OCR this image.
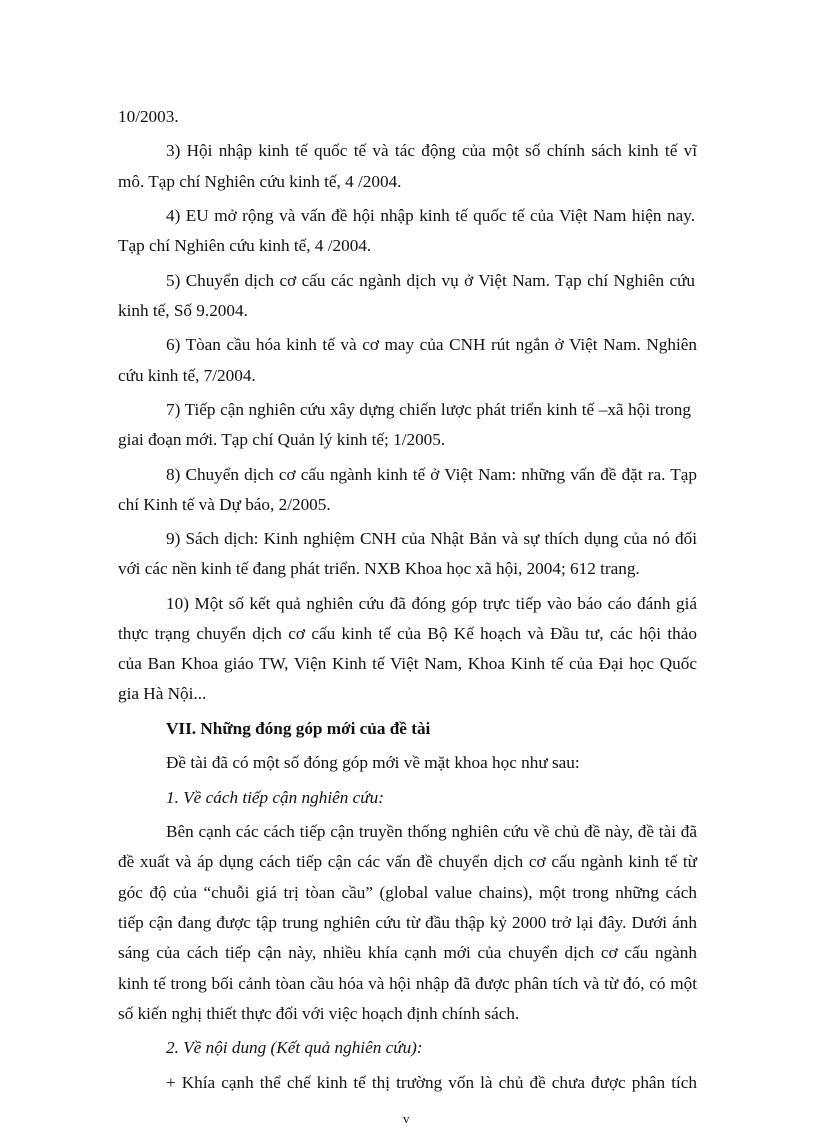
10/2003.
3) Hội nhập kinh tế quốc tế và tác động của một số chính sách kinh tế vĩ
mô. Tạp chí Nghiên cứu kinh tế, 4 /2004.
4) EU mở rộng và vấn đề hội nhập kinh tế quốc tế của Việt Nam hiện nay.
Tạp chí Nghiên cứu kinh tế, 4 /2004.
5) Chuyển dịch cơ cấu các ngành dịch vụ ở Việt Nam. Tạp chí Nghiên cứu
kinh tế, Số 9.2004.
6) Tòan cầu hóa kinh tế và cơ may của CNH rút ngắn ở Việt Nam. Nghiên
cứu kinh tế, 7/2004.
7) Tiếp cận nghiên cứu xây dựng chiến lược phát triển kinh tế –xã hội trong
giai đoạn mới. Tạp chí Quản lý kinh tế; 1/2005.
8) Chuyển dịch cơ cấu ngành kinh tế ở Việt Nam: những vấn đề đặt ra. Tạp
chí Kinh tế và Dự báo, 2/2005.
9) Sách dịch: Kinh nghiệm CNH của Nhật Bản và sự thích dụng của nó đối
với các nền kinh tế đang phát triển. NXB Khoa học xã hội, 2004; 612 trang.
10) Một số kết quả nghiên cứu đã đóng góp trực tiếp vào báo cáo đánh giá
thực trạng chuyển dịch cơ cấu kinh tế của Bộ Kế hoạch và Đầu tư, các hội thảo
của Ban Khoa giáo TW, Viện Kinh tế Việt Nam, Khoa Kinh tế của Đại học Quốc
gia Hà Nội...
VII. Những đóng góp mới của đề tài
Đề tài đã có một số đóng góp mới về mặt khoa học như sau:
1. Về cách tiếp cận nghiên cứu:
Bên cạnh các cách tiếp cận truyền thống nghiên cứu về chủ đề này, đề tài đã
đề xuất và áp dụng cách tiếp cận các vấn đề chuyển dịch cơ cấu ngành kinh tế từ
góc độ của “chuỗi giá trị tòan cầu” (global value chains), một trong những cách
tiếp cận đang được tập trung nghiên cứu từ đầu thập kỷ 2000 trở lại đây. Dưới ánh
sáng của cách tiếp cận này, nhiều khía cạnh mới của chuyển dịch cơ cấu ngành
kinh tế trong bối cảnh tòan cầu hóa và hội nhập đã được phân tích và từ đó, có một
số kiến nghị thiết thực đối với việc hoạch định chính sách.
2. Về nội dung (Kết quả nghiên cứu):
+ Khía cạnh thể chế kinh tế thị trường vốn là chủ đề chưa được phân tích
v
